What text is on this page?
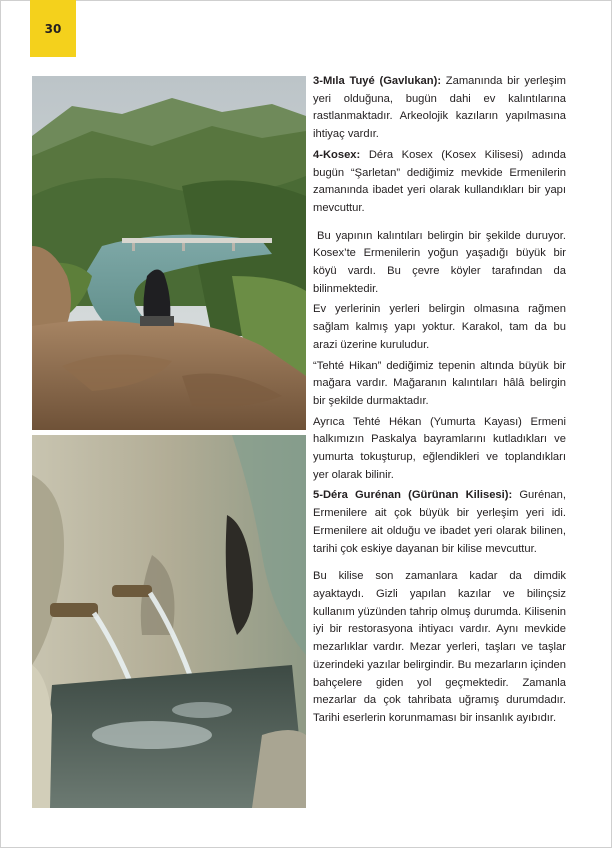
30

3-Mıla Tuyé (Gavlukan): Zamanında bir yerleşim yeri olduğuna, bugün dahi ev kalıntılarına rastlanmaktadır. Arkeolojik kazıların yapılmasına ihtiyaç vardır.

4-Kosex: Déra Kosex (Kosex Kilisesi) adında bugün “Şarletan” dediğimiz mevkide Ermenilerin zamanında ibadet yeri olarak kullandıkları bir yapı mevcuttur.

Bu yapının kalıntıları belirgin bir şekilde duruyor. Kosex’te Ermenilerin yoğun yaşadığı büyük bir köyü vardı. Bu çevre köyler tarafından da bilinmektedir.

Ev yerlerinin yerleri belirgin olmasına rağmen sağlam kalmış yapı yoktur. Karakol, tam da bu arazi üzerine kuruludur.

“Tehté Hikan” dediğimiz tepenin altında büyük bir mağara vardır. Mağaranın kalıntıları hâlâ belirgin bir şekilde durmaktadır.

Ayrıca Tehté Hékan (Yumurta Kayası) Ermeni halkımızın Paskalya bayramlarını kutladıkları ve yumurta tokuşturup, eğlendikleri ve toplandıkları yer olarak bilinir.

5-Déra Gurénan (Gürünan Kilisesi): Gurénan, Ermenilere ait çok büyük bir yerleşim yeri idi. Ermenilere ait olduğu ve ibadet yeri olarak bilinen, tarihi çok eskiye dayanan bir kilise mevcuttur.

Bu kilise son zamanlara kadar da dimdik ayaktaydı. Gizli yapılan kazılar ve bilinçsiz kullanım yüzünden tahrip olmuş durumda. Kilisenin iyi bir restorasyona ihtiyacı vardır. Aynı mevkide mezarlıklar vardır. Mezar yerleri, taşları ve taşlar üzerindeki yazılar belirgindir. Bu mezarların içinden bahçelere giden yol geçmektedir. Zamanla mezarlar da çok tahribata uğramış durumdadır. Tarihi eserlerin korunmaması bir insanlık ayıbıdır.
